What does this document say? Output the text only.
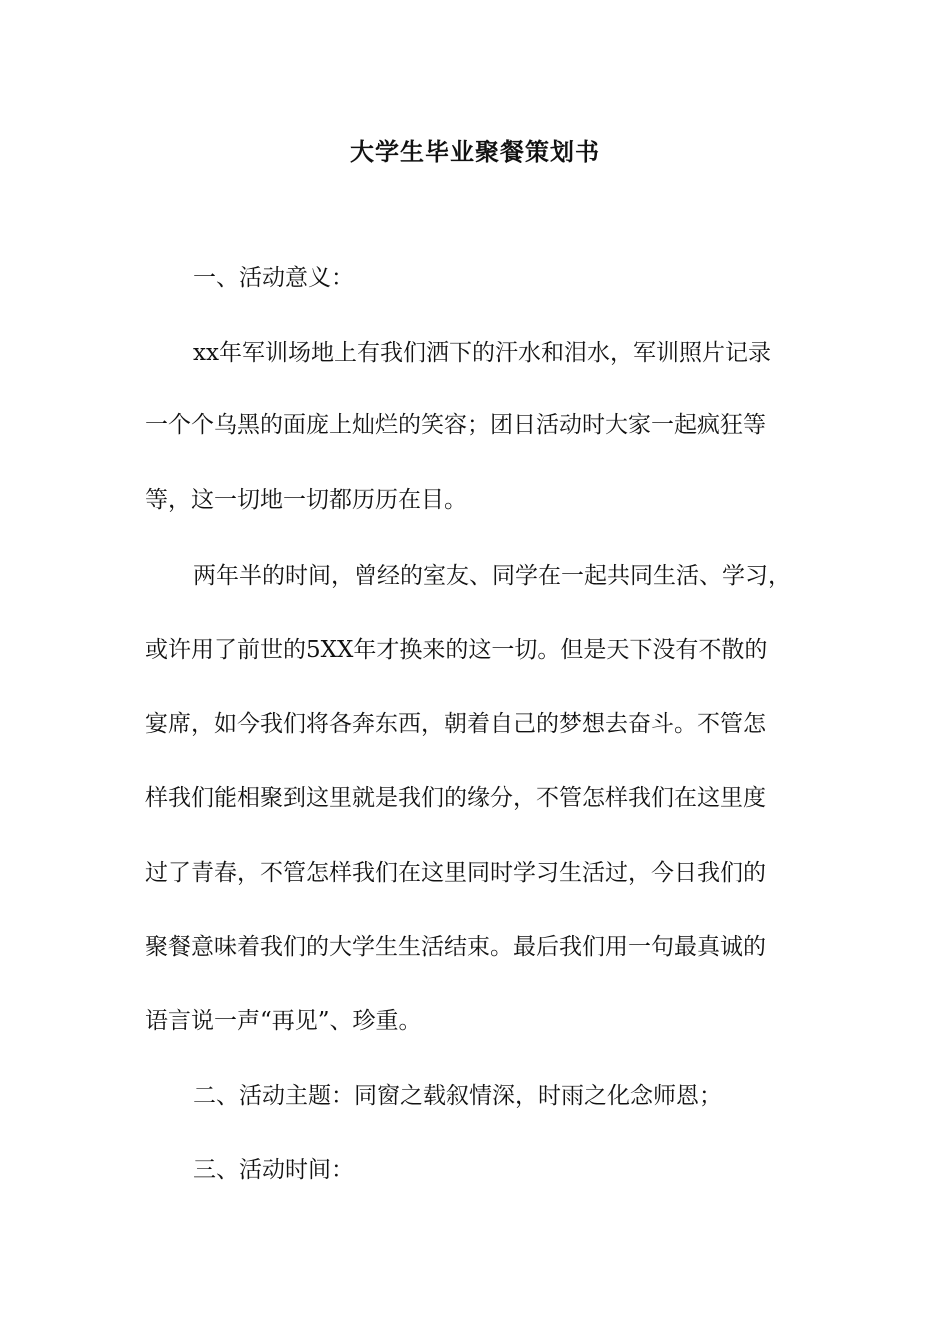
大学生毕业聚餐策划书
一、活动意义：
xx年军训场地上有我们洒下的汗水和泪水，军训照片记录
一个个乌黑的面庞上灿烂的笑容；团日活动时大家一起疯狂等
等，这一切地一切都历历在目。
两年半的时间，曾经的室友、同学在一起共同生活、学习，
或许用了前世的5XX年才换来的这一切。但是天下没有不散的
宴席，如今我们将各奔东西，朝着自己的梦想去奋斗。不管怎
样我们能相聚到这里就是我们的缘分，不管怎样我们在这里度
过了青春，不管怎样我们在这里同时学习生活过，今日我们的
聚餐意味着我们的大学生生活结束。最后我们用一句最真诚的
语言说一声“再见”、珍重。
二、活动主题：同窗之载叙情深，时雨之化念师恩；
三、活动时间：
